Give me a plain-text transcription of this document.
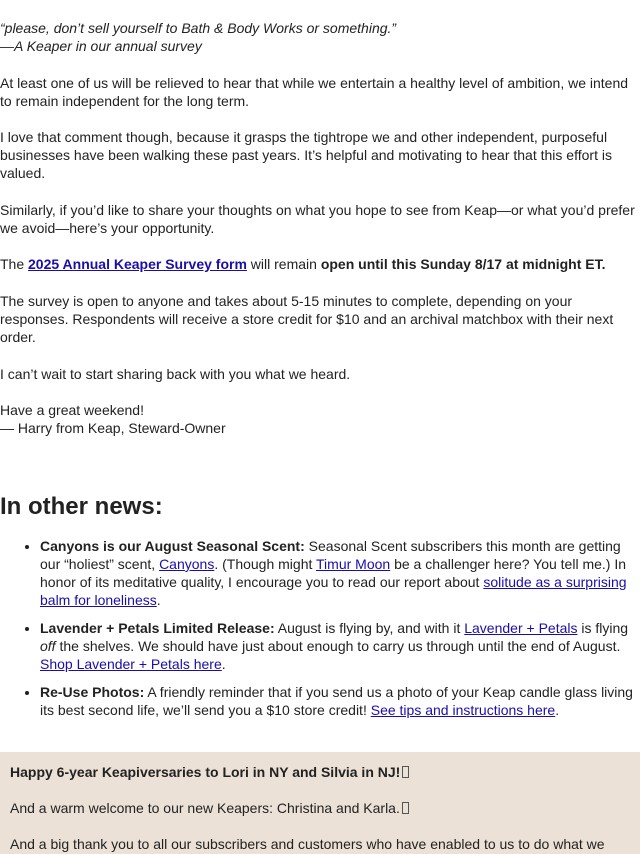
“please, don’t sell yourself to Bath & Body Works or something.”
—A Keaper in our annual survey

At least one of us will be relieved to hear that while we entertain a healthy level of ambition, we intend to remain independent for the long term.

I love that comment though, because it grasps the tightrope we and other independent, purposeful businesses have been walking these past years. It’s helpful and motivating to hear that this effort is valued.

Similarly, if you’d like to share your thoughts on what you hope to see from Keap—or what you’d prefer we avoid—here’s your opportunity.

The 2025 Annual Keaper Survey form will remain open until this Sunday 8/17 at midnight ET.

The survey is open to anyone and takes about 5-15 minutes to complete, depending on your responses. Respondents will receive a store credit for $10 and an archival matchbox with their next order.

I can’t wait to start sharing back with you what we heard.

Have a great weekend!
— Harry from Keap, Steward-Owner

In other news:
• Canyons is our August Seasonal Scent: Seasonal Scent subscribers this month are getting our “holiest” scent, Canyons. (Though might Timur Moon be a challenger here? You tell me.) In honor of its meditative quality, I encourage you to read our report about solitude as a surprising balm for loneliness.
• Lavender + Petals Limited Release: August is flying by, and with it Lavender + Petals is flying off the shelves. We should have just about enough to carry us through until the end of August. Shop Lavender + Petals here.
• Re-Use Photos: A friendly reminder that if you send us a photo of your Keap candle glass living its best second life, we’ll send you a $10 store credit! See tips and instructions here.

Happy 6-year Keapiversaries to Lori in NY and Silvia in NJ!

And a warm welcome to our new Keapers: Christina and Karla.

And a big thank you to all our subscribers and customers who have enabled to us to do what we
